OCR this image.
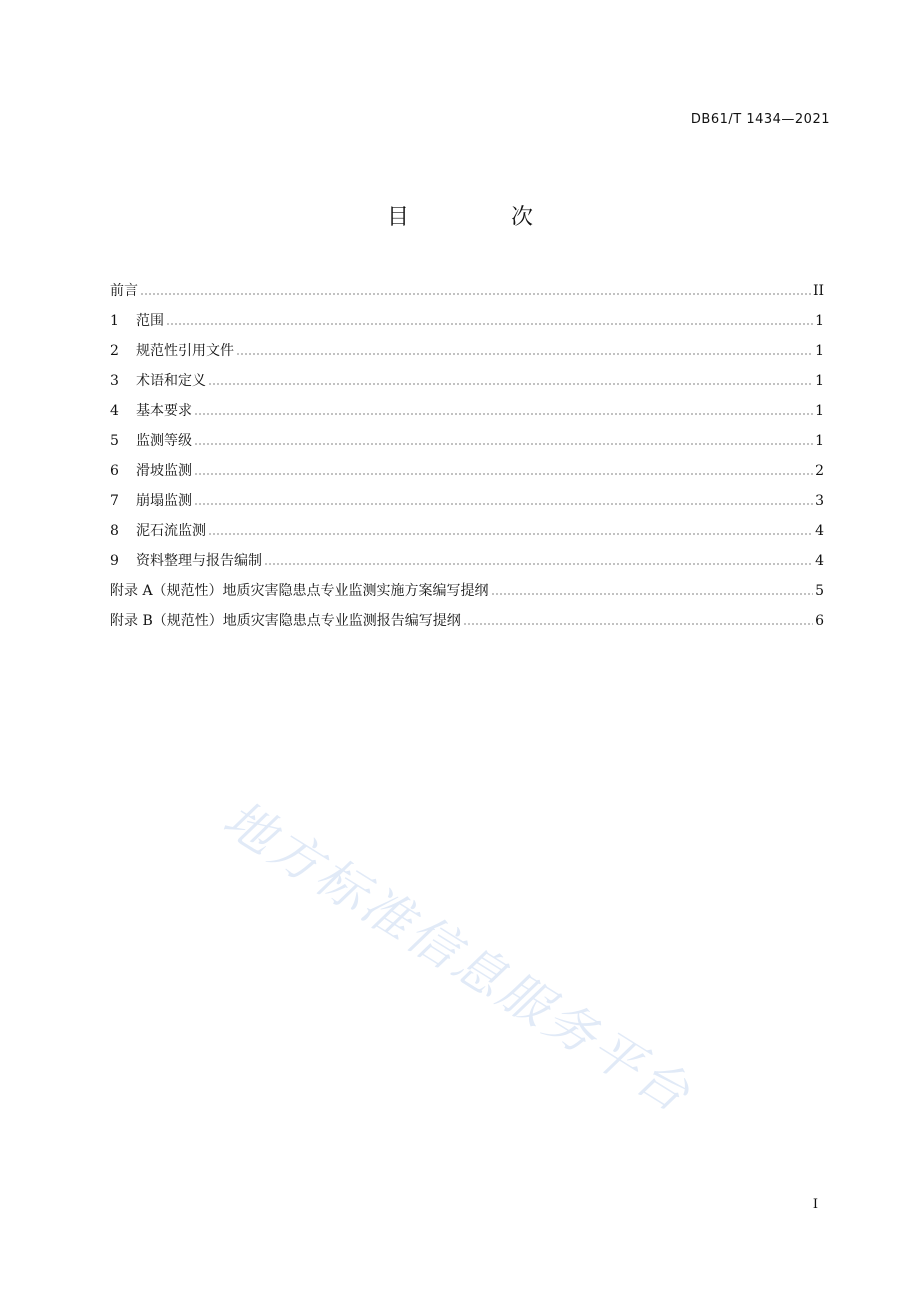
DB61/T 1434—2021
目　次
前言	II
1	范围	1
2	规范性引用文件	1
3	术语和定义	1
4	基本要求	1
5	监测等级	1
6	滑坡监测	2
7	崩塌监测	3
8	泥石流监测	4
9	资料整理与报告编制	4
附录 A（规范性）地质灾害隐患点专业监测实施方案编写提纲	5
附录 B（规范性）地质灾害隐患点专业监测报告编写提纲	6
地方标准信息服务平台
I
